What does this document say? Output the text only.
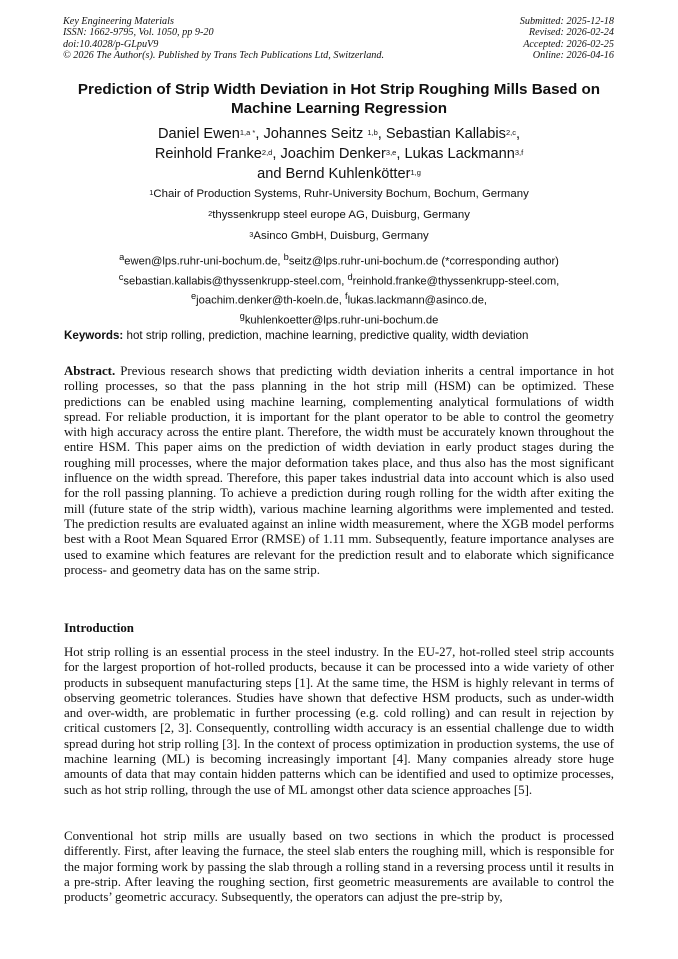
Key Engineering Materials
ISSN: 1662-9795, Vol. 1050, pp 9-20
doi:10.4028/p-GLpuV9
© 2026 The Author(s). Published by Trans Tech Publications Ltd, Switzerland.
Submitted: 2025-12-18
Revised: 2026-02-24
Accepted: 2026-02-25
Online: 2026-04-16
Prediction of Strip Width Deviation in Hot Strip Roughing Mills Based on Machine Learning Regression
Daniel Ewen$^{1,a *}$, Johannes Seitz $^{1,b}$, Sebastian Kallabis$^{2,c}$,
Reinhold Franke$^{2,d}$, Joachim Denker$^{3,e}$, Lukas Lackmann$^{3,f}$
and Bernd Kuhlenkötter$^{1,g}$
$^1$Chair of Production Systems, Ruhr-University Bochum, Bochum, Germany
$^2$thyssenkrupp steel europe AG, Duisburg, Germany
$^3$Asinco GmbH, Duisburg, Germany
$^a$ewen@lps.ruhr-uni-bochum.de, $^b$seitz@lps.ruhr-uni-bochum.de (*corresponding author)
$^c$sebastian.kallabis@thyssenkrupp-steel.com, $^d$reinhold.franke@thyssenkrupp-steel.com,
$^e$joachim.denker@th-koeln.de, $^f$lukas.lackmann@asinco.de,
$^g$kuhlenkoetter@lps.ruhr-uni-bochum.de
Keywords: hot strip rolling, prediction, machine learning, predictive quality, width deviation
Abstract. Previous research shows that predicting width deviation inherits a central importance in hot rolling processes, so that the pass planning in the hot strip mill (HSM) can be optimized. These predictions can be enabled using machine learning, complementing analytical formulations of width spread. For reliable production, it is important for the plant operator to be able to control the geometry with high accuracy across the entire plant. Therefore, the width must be accurately known throughout the entire HSM. This paper aims on the prediction of width deviation in early product stages during the roughing mill processes, where the major deformation takes place, and thus also has the most significant influence on the width spread. Therefore, this paper takes industrial data into account which is also used for the roll passing planning. To achieve a prediction during rough rolling for the width after exiting the mill (future state of the strip width), various machine learning algorithms were implemented and tested. The prediction results are evaluated against an inline width measurement, where the XGB model performs best with a Root Mean Squared Error (RMSE) of 1.11 mm. Subsequently, feature importance analyses are used to examine which features are relevant for the prediction result and to elaborate which significance process- and geometry data has on the same strip.
Introduction
Hot strip rolling is an essential process in the steel industry. In the EU-27, hot-rolled steel strip accounts for the largest proportion of hot-rolled products, because it can be processed into a wide variety of other products in subsequent manufacturing steps [1]. At the same time, the HSM is highly relevant in terms of observing geometric tolerances. Studies have shown that defective HSM products, such as under-width and over-width, are problematic in further processing (e.g. cold rolling) and can result in rejection by critical customers [2, 3]. Consequently, controlling width accuracy is an essential challenge due to width spread during hot strip rolling [3]. In the context of process optimization in production systems, the use of machine learning (ML) is becoming increasingly important [4]. Many companies already store huge amounts of data that may contain hidden patterns which can be identified and used to optimize processes, such as hot strip rolling, through the use of ML amongst other data science approaches [5].
Conventional hot strip mills are usually based on two sections in which the product is processed differently. First, after leaving the furnace, the steel slab enters the roughing mill, which is responsible for the major forming work by passing the slab through a rolling stand in a reversing process until it results in a pre-strip. After leaving the roughing section, first geometric measurements are available to control the products’ geometric accuracy. Subsequently, the operators can adjust the pre-strip by,
